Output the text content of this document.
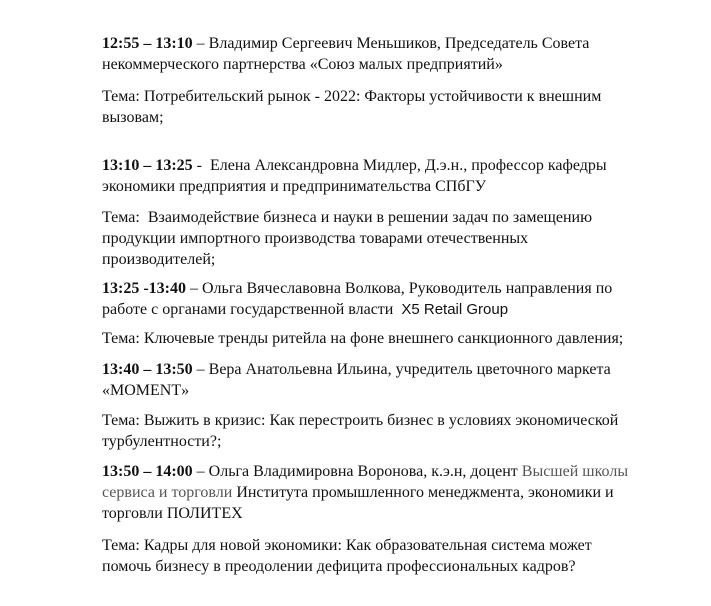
12:55 – 13:10 – Владимир Сергеевич Меньшиков, Председатель Совета
некоммерческого партнерства «Союз малых предприятий»

Тема: Потребительский рынок - 2022: Факторы устойчивости к внешним
вызовам;

13:10 – 13:25 -  Елена Александровна Мидлер, Д.э.н., профессор кафедры
экономики предприятия и предпринимательства СПбГУ

Тема:  Взаимодействие бизнеса и науки в решении задач по замещению
продукции импортного производства товарами отечественных
производителей;

13:25 -13:40 – Ольга Вячеславовна Волкова, Руководитель направления по
работе с органами государственной власти  X5 Retail Group

Тема: Ключевые тренды ритейла на фоне внешнего санкционного давления;

13:40 – 13:50 – Вера Анатольевна Ильина, учредитель цветочного маркета
«MOMENT»

Тема: Выжить в кризис: Как перестроить бизнес в условиях экономической
турбулентности?;

13:50 – 14:00 – Ольга Владимировна Воронова, к.э.н, доцент Высшей школы
сервиса и торговли Института промышленного менеджмента, экономики и
торговли ПОЛИТЕХ

Тема: Кадры для новой экономики: Как образовательная система может
помочь бизнесу в преодолении дефицита профессиональных кадров?
